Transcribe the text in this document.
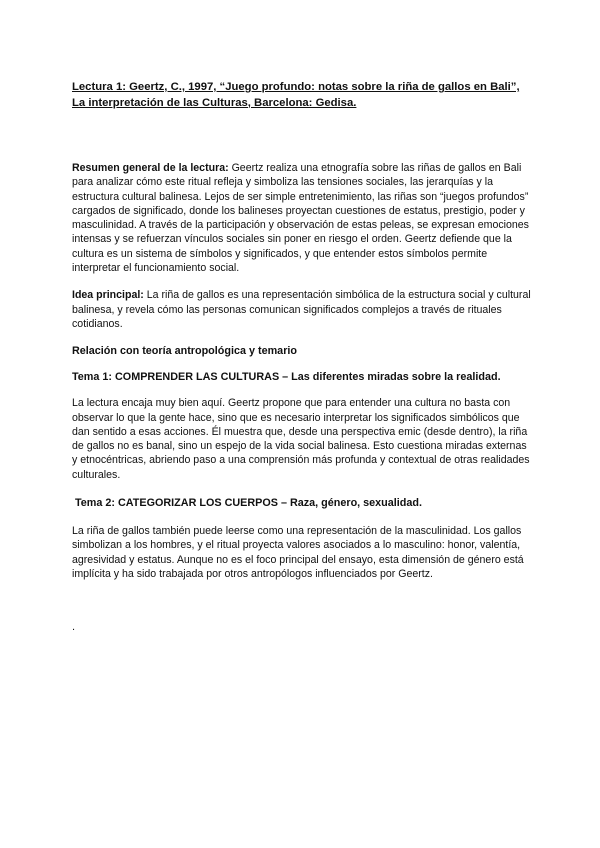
Lectura 1: Geertz, C., 1997, “Juego profundo: notas sobre la riña de gallos en Bali”,
La interpretación de las Culturas, Barcelona: Gedisa.

Resumen general de la lectura: Geertz realiza una etnografía sobre las riñas de gallos en Bali para analizar cómo este ritual refleja y simboliza las tensiones sociales, las jerarquías y la estructura cultural balinesa. Lejos de ser simple entretenimiento, las riñas son “juegos profundos” cargados de significado, donde los balineses proyectan cuestiones de estatus, prestigio, poder y masculinidad. A través de la participación y observación de estas peleas, se expresan emociones intensas y se refuerzan vínculos sociales sin poner en riesgo el orden. Geertz defiende que la cultura es un sistema de símbolos y significados, y que entender estos símbolos permite interpretar el funcionamiento social.

Idea principal: La riña de gallos es una representación simbólica de la estructura social y cultural balinesa, y revela cómo las personas comunican significados complejos a través de rituales cotidianos.

Relación con teoría antropológica y temario

Tema 1: COMPRENDER LAS CULTURAS – Las diferentes miradas sobre la realidad.

La lectura encaja muy bien aquí. Geertz propone que para entender una cultura no basta con observar lo que la gente hace, sino que es necesario interpretar los significados simbólicos que dan sentido a esas acciones. Él muestra que, desde una perspectiva emic (desde dentro), la riña de gallos no es banal, sino un espejo de la vida social balinesa. Esto cuestiona miradas externas y etnocéntricas, abriendo paso a una comprensión más profunda y contextual de otras realidades culturales.

Tema 2: CATEGORIZAR LOS CUERPOS – Raza, género, sexualidad.

La riña de gallos también puede leerse como una representación de la masculinidad. Los gallos simbolizan a los hombres, y el ritual proyecta valores asociados a lo masculino: honor, valentía, agresividad y estatus. Aunque no es el foco principal del ensayo, esta dimensión de género está implícita y ha sido trabajada por otros antropólogos influenciados por Geertz.

.
